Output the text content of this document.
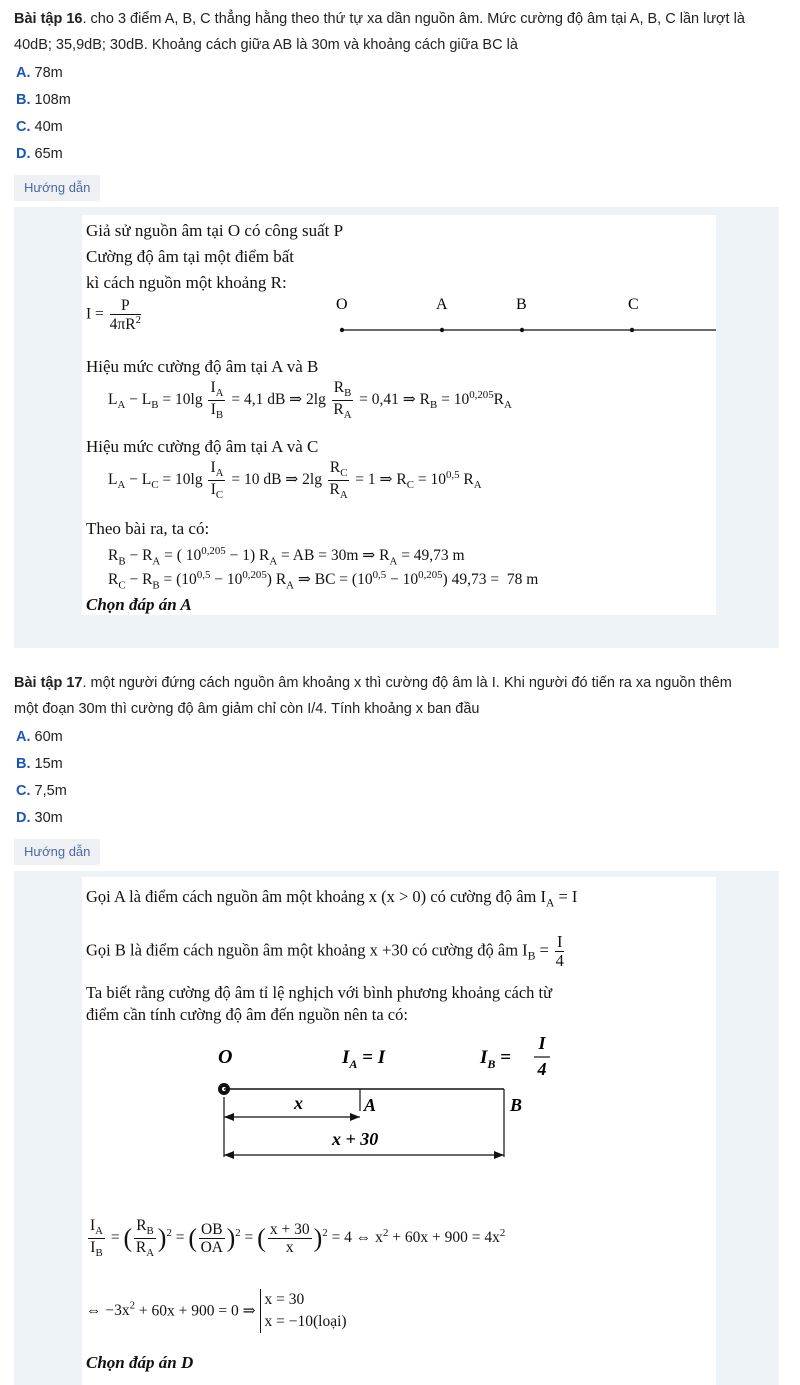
Bài tập 16. cho 3 điểm A, B, C thẳng hằng theo thứ tự xa dần nguồn âm. Mức cường độ âm tại A, B, C lần lượt là
40dB; 35,9dB; 30dB. Khoảng cách giữa AB là 30m và khoảng cách giữa BC là
A. 78m
B. 108m
C. 40m
D. 65m
Hướng dẫn
Giả sử nguồn âm tại O có công suất P
Cường độ âm tại một điểm bất
kì cách nguồn một khoảng R:
$I = \frac{P}{4\pi R^2}$	O	A	B	C
Hiệu mức cường độ âm tại A và B
$L_A - L_B = 10\lg \frac{I_A}{I_B} = 4,1$ dB ⇒ $2\lg \frac{R_B}{R_A} = 0,41$ ⇒ $R_B = 10^{0,205}R_A$
Hiệu mức cường độ âm tại A và C
$L_A - L_C = 10\lg \frac{I_A}{I_C} = 10$ dB ⇒ $2\lg \frac{R_C}{R_A} = 1$ ⇒ $R_C = 10^{0,5}$ $R_A$
Theo bài ra, ta có:
$R_B - R_A$ = ( $10^{0,205} - 1$) $R_A$ = AB = 30m ⇒ $R_A = 49,73$ m
$R_C - R_B = (10^{0,5} - 10^{0,205})$ $R_A$ ⇒ BC = $(10^{0,5} - 10^{0,205}) 49,73 = 78$ m
Chọn đáp án A
Bài tập 17. một người đứng cách nguồn âm khoảng x thì cường độ âm là I. Khi người đó tiến ra xa nguồn thêm
một đoạn 30m thì cường độ âm giảm chỉ còn I/4. Tính khoảng x ban đầu
A. 60m
B. 15m
C. 7,5m
D. 30m
Hướng dẫn
Gọi A là điểm cách nguồn âm một khoảng x (x > 0) có cường độ âm $I_A = I$
Gọi B là điểm cách nguồn âm một khoảng x +30 có cường độ âm $I_B = \frac{I}{4}$
Ta biết rằng cường độ âm tỉ lệ nghịch với bình phương khoảng cách từ
điểm cần tính cường độ âm đến nguồn nên ta có:
O	$I_A = I$	$I_B$ =
I
4
A	B
x
x + 30
$\frac{I_A}{I_B}$ = ( $\frac{R_B}{R_A} )^2$ = ( $\frac{OB}{OA} )^2$ = ( $\frac{x + 30}{x} )^2 = 4$ ⇔ $x^2 + 60x + 900 = 4x^2$
⇔ $-3x^2 + 60x + 900 = 0$ ⇒
x = 30
x = −10(loại)
Chọn đáp án D
